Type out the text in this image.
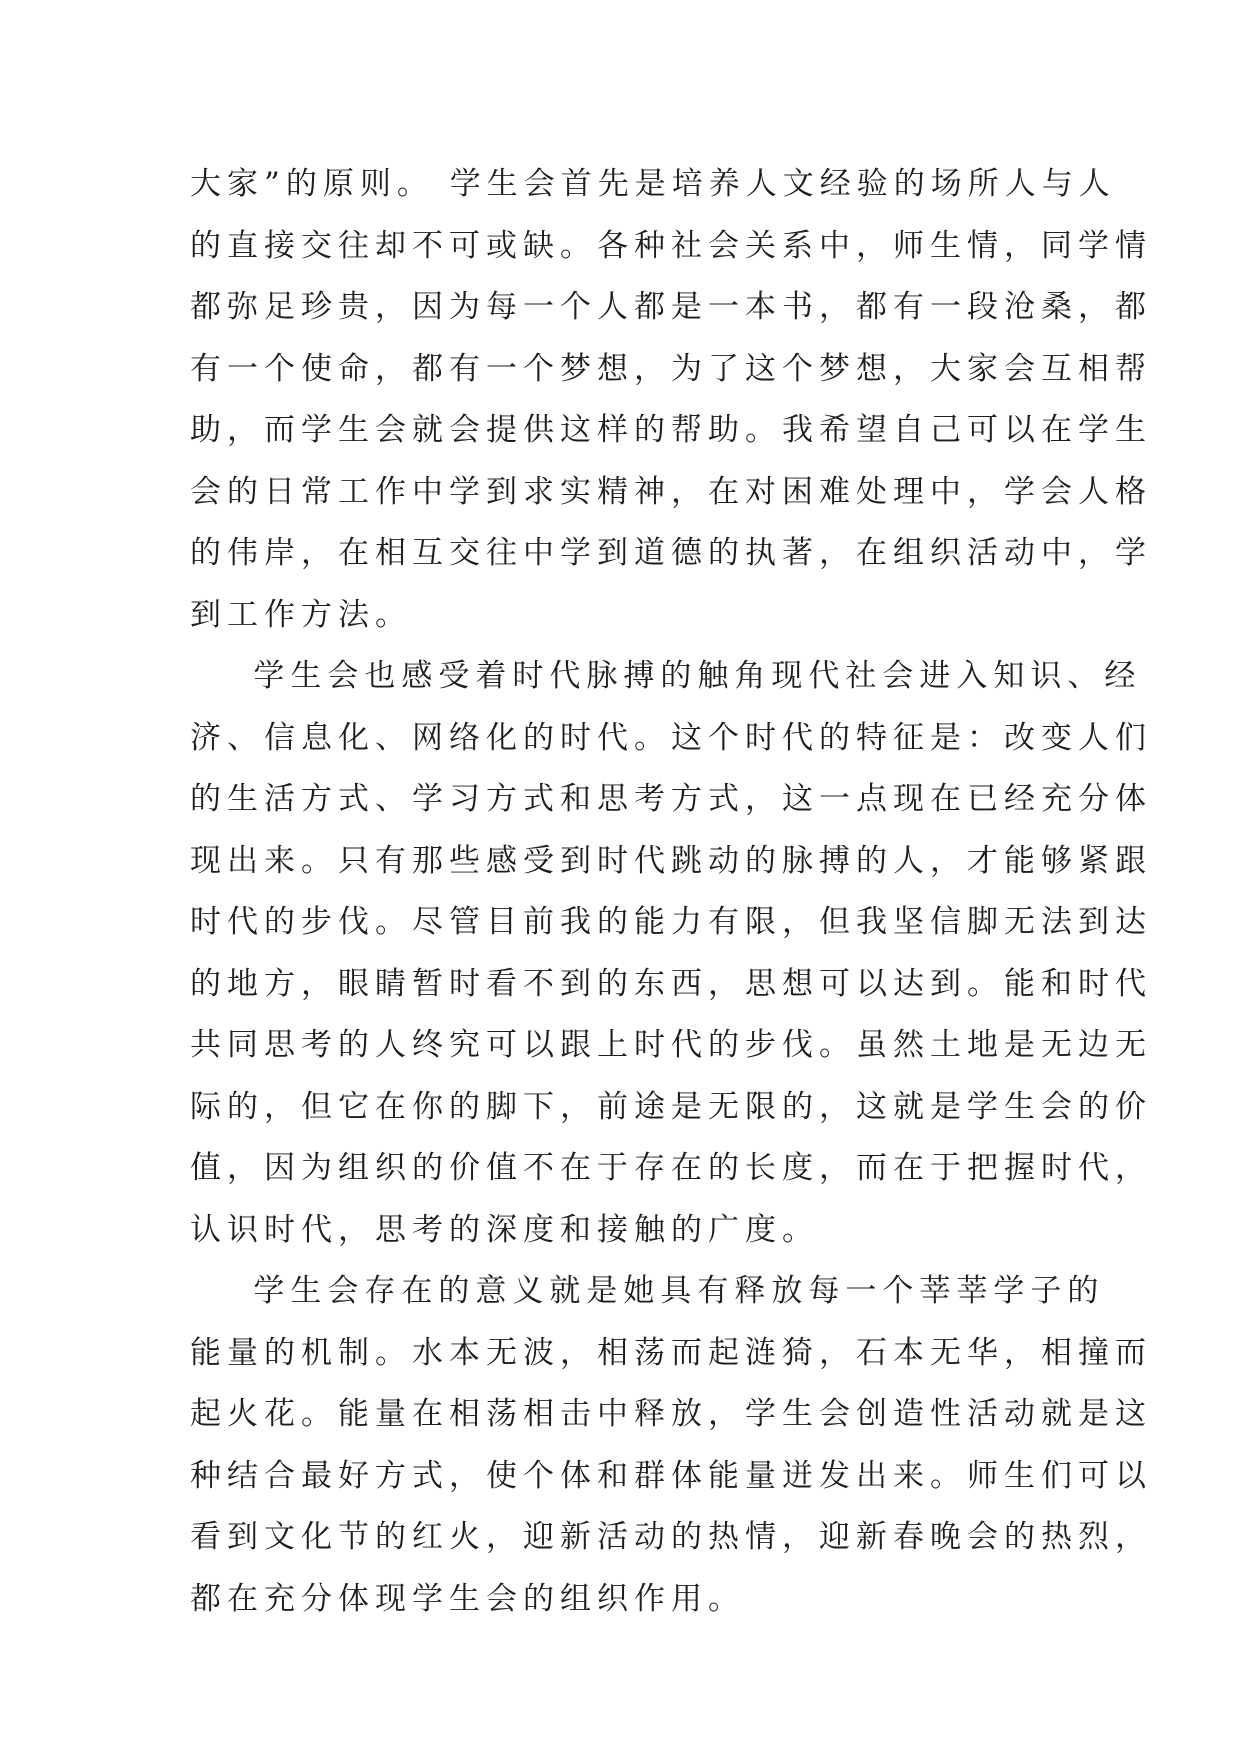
大家”的原则。 学生会首先是培养人文经验的场所人与人
的直接交往却不可或缺。各种社会关系中，师生情，同学情
都弥足珍贵，因为每一个人都是一本书，都有一段沧桑，都
有一个使命，都有一个梦想，为了这个梦想，大家会互相帮
助，而学生会就会提供这样的帮助。我希望自己可以在学生
会的日常工作中学到求实精神，在对困难处理中，学会人格
的伟岸，在相互交往中学到道德的执著，在组织活动中，学
到工作方法。
学生会也感受着时代脉搏的触角现代社会进入知识、经
济、信息化、网络化的时代。这个时代的特征是：改变人们
的生活方式、学习方式和思考方式，这一点现在已经充分体
现出来。只有那些感受到时代跳动的脉搏的人，才能够紧跟
时代的步伐。尽管目前我的能力有限，但我坚信脚无法到达
的地方，眼睛暂时看不到的东西，思想可以达到。能和时代
共同思考的人终究可以跟上时代的步伐。虽然土地是无边无
际的，但它在你的脚下，前途是无限的，这就是学生会的价
值，因为组织的价值不在于存在的长度，而在于把握时代，
认识时代，思考的深度和接触的广度。
学生会存在的意义就是她具有释放每一个莘莘学子的
能量的机制。水本无波，相荡而起涟猗，石本无华，相撞而
起火花。能量在相荡相击中释放，学生会创造性活动就是这
种结合最好方式，使个体和群体能量迸发出来。师生们可以
看到文化节的红火，迎新活动的热情，迎新春晚会的热烈，
都在充分体现学生会的组织作用。
